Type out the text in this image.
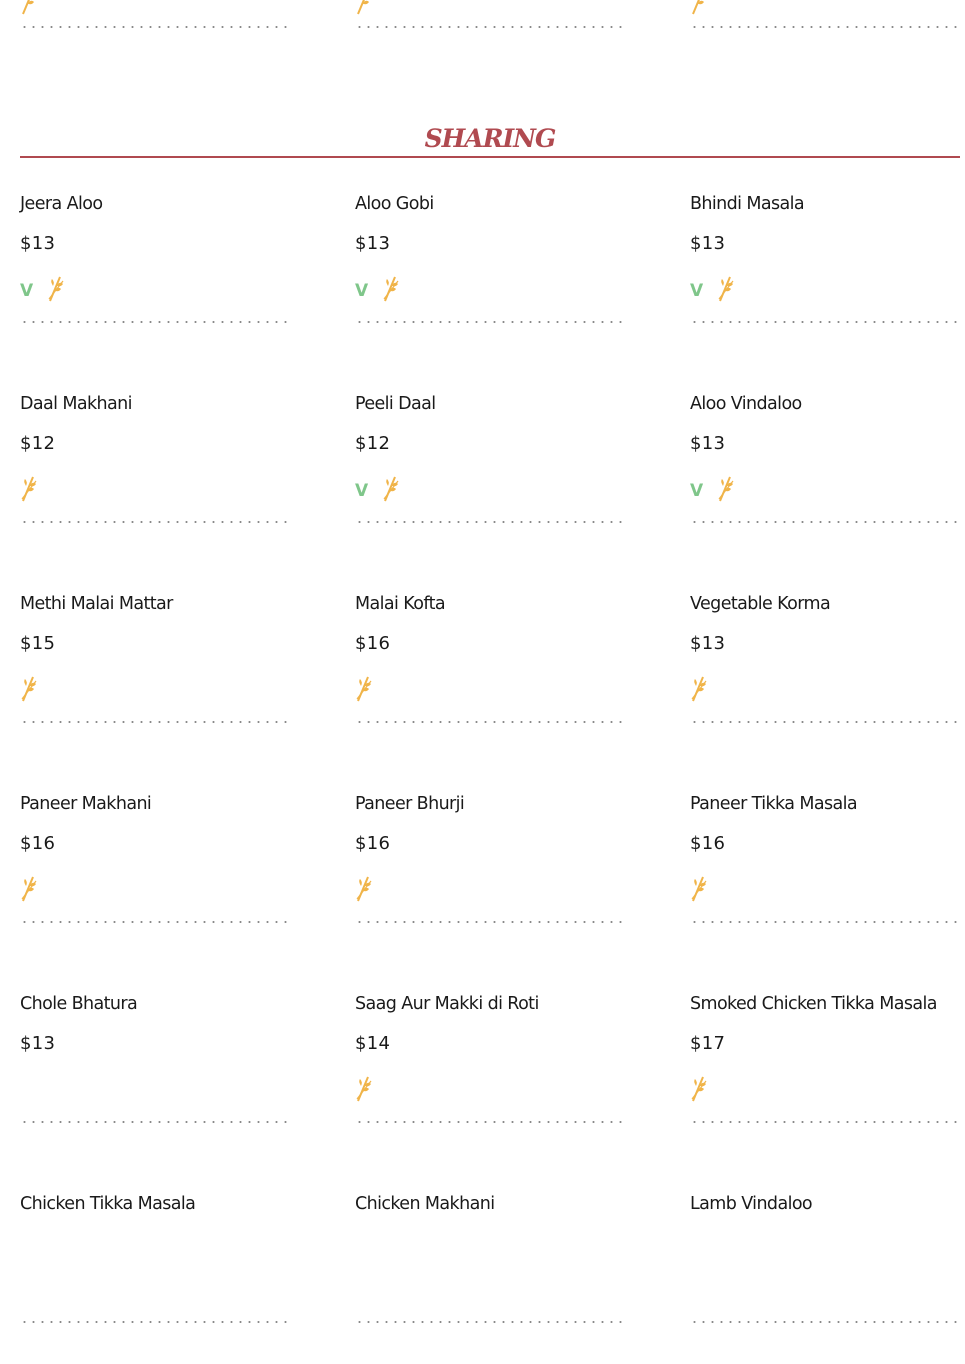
SHARING
Jeera Aloo
$13
V
Aloo Gobi
$13
V
Bhindi Masala
$13
V
Daal Makhani
$12
Peeli Daal
$12
V
Aloo Vindaloo
$13
V
Methi Malai Mattar
$15
Malai Kofta
$16
Vegetable Korma
$13
Paneer Makhani
$16
Paneer Bhurji
$16
Paneer Tikka Masala
$16
Chole Bhatura
$13
Saag Aur Makki di Roti
$14
Smoked Chicken Tikka Masala
$17
Chicken Tikka Masala	Chicken Makhani	Lamb Vindaloo
